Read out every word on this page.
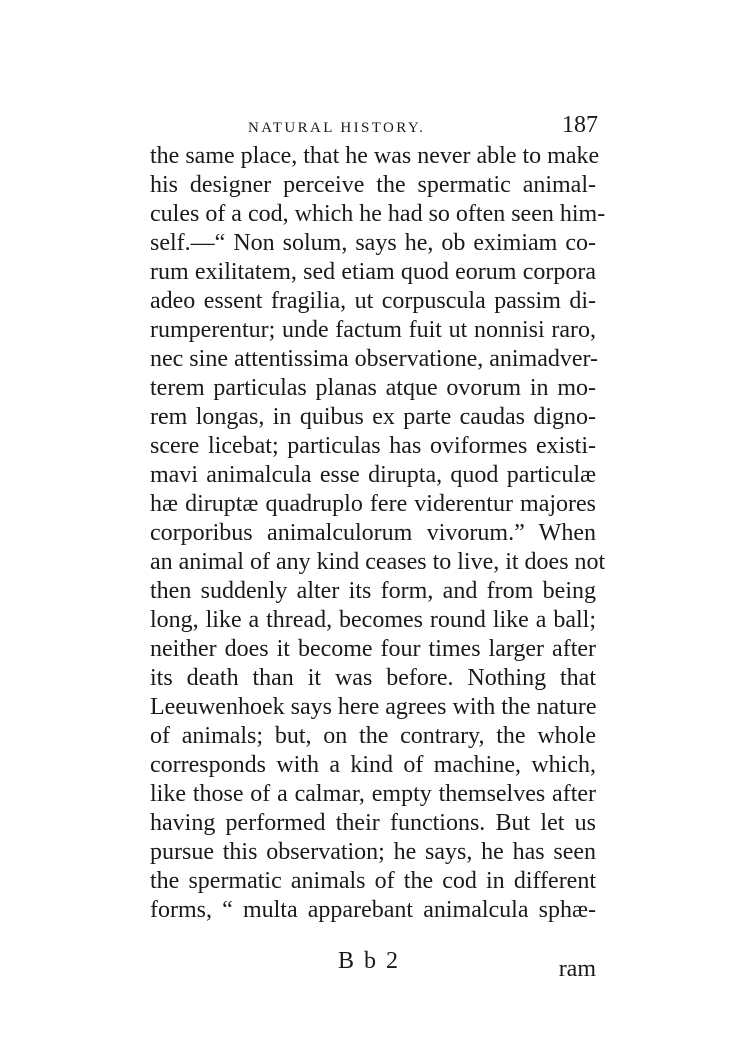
NATURAL HISTORY.	187
the same place, that he was never able to make
his designer perceive the spermatic animal-
cules of a cod, which he had so often seen him-
self.—“ Non solum, says he, ob eximiam co-
rum exilitatem, sed etiam quod eorum corpora
adeo essent fragilia, ut corpuscula passim di-
rumperentur; unde factum fuit ut nonnisi raro,
nec sine attentissima observatione, animadver-
terem particulas planas atque ovorum in mo-
rem longas, in quibus ex parte caudas digno-
scere licebat; particulas has oviformes existi-
mavi animalcula esse dirupta, quod particulæ
hæ diruptæ quadruplo fere viderentur majores
corporibus animalculorum vivorum.” When
an animal of any kind ceases to live, it does not
then suddenly alter its form, and from being
long, like a thread, becomes round like a ball;
neither does it become four times larger after
its death than it was before. Nothing that
Leeuwenhoek says here agrees with the nature
of animals; but, on the contrary, the whole
corresponds with a kind of machine, which,
like those of a calmar, empty themselves after
having performed their functions. But let us
pursue this observation; he says, he has seen
the spermatic animals of the cod in different
forms, “ multa apparebant animalcula sphæ-
B b 2	ram
